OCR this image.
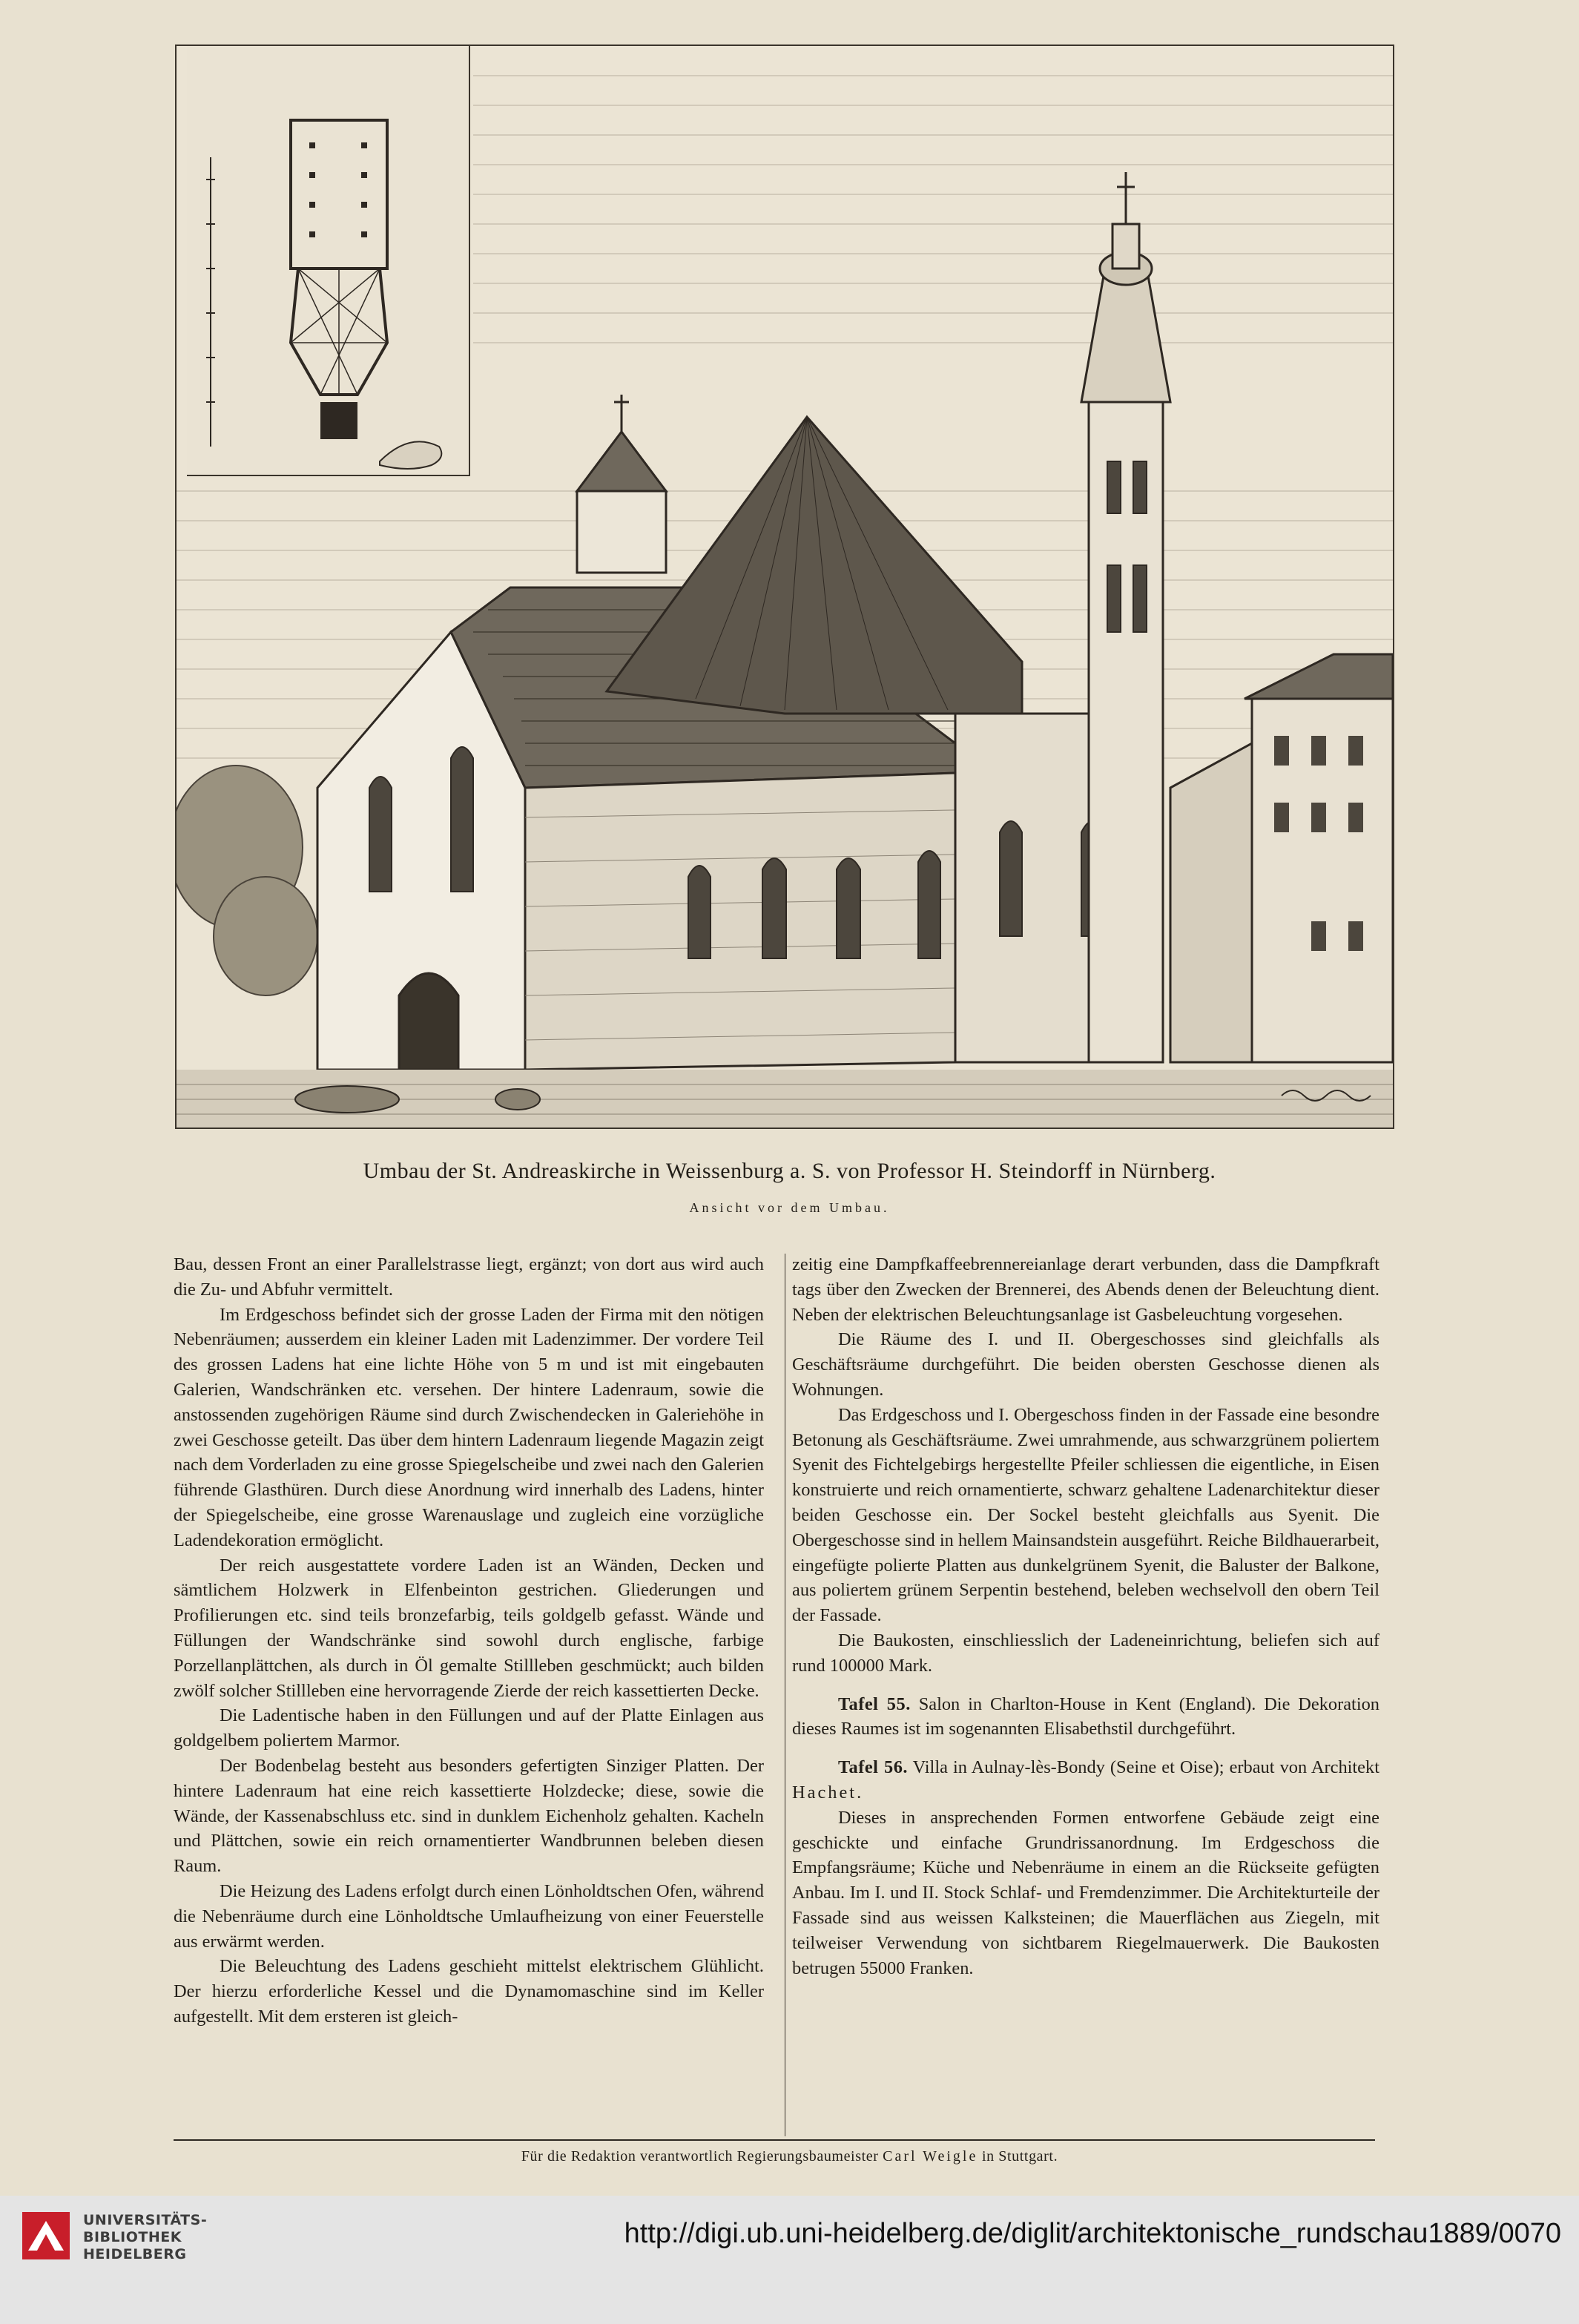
Umbau der St. Andreaskirche in Weissenburg a. S. von Professor H. Steindorff in Nürnberg.
Ansicht vor dem Umbau.

Bau, dessen Front an einer Parallelstrasse liegt, ergänzt; von dort aus wird auch die Zu- und Abfuhr vermittelt.

Im Erdgeschoss befindet sich der grosse Laden der Firma mit den nötigen Nebenräumen; ausserdem ein kleiner Laden mit Ladenzimmer. Der vordere Teil des grossen Ladens hat eine lichte Höhe von 5 m und ist mit eingebauten Galerien, Wandschränken etc. versehen. Der hintere Ladenraum, sowie die anstossenden zugehörigen Räume sind durch Zwischendecken in Galeriehöhe in zwei Geschosse geteilt. Das über dem hintern Ladenraum liegende Magazin zeigt nach dem Vorderladen zu eine grosse Spiegelscheibe und zwei nach den Galerien führende Glasthüren. Durch diese Anordnung wird innerhalb des Ladens, hinter der Spiegelscheibe, eine grosse Warenauslage und zugleich eine vorzügliche Ladendekoration ermöglicht.

Der reich ausgestattete vordere Laden ist an Wänden, Decken und sämtlichem Holzwerk in Elfenbeinton gestrichen. Gliederungen und Profilierungen etc. sind teils bronzefarbig, teils goldgelb gefasst. Wände und Füllungen der Wandschränke sind sowohl durch englische, farbige Porzellanplättchen, als durch in Öl gemalte Stillleben geschmückt; auch bilden zwölf solcher Stillleben eine hervorragende Zierde der reich kassettierten Decke.

Die Ladentische haben in den Füllungen und auf der Platte Einlagen aus goldgelbem poliertem Marmor.

Der Bodenbelag besteht aus besonders gefertigten Sinziger Platten. Der hintere Ladenraum hat eine reich kassettierte Holzdecke; diese, sowie die Wände, der Kassenabschluss etc. sind in dunklem Eichenholz gehalten. Kacheln und Plättchen, sowie ein reich ornamentierter Wandbrunnen beleben diesen Raum.

Die Heizung des Ladens erfolgt durch einen Lönholdtschen Ofen, während die Nebenräume durch eine Lönholdtsche Umlaufheizung von einer Feuerstelle aus erwärmt werden.

Die Beleuchtung des Ladens geschieht mittelst elektrischem Glühlicht. Der hierzu erforderliche Kessel und die Dynamomaschine sind im Keller aufgestellt. Mit dem ersteren ist gleich-

zeitig eine Dampfkaffeebrennereianlage derart verbunden, dass die Dampfkraft tags über den Zwecken der Brennerei, des Abends denen der Beleuchtung dient. Neben der elektrischen Beleuchtungsanlage ist Gasbeleuchtung vorgesehen.

Die Räume des I. und II. Obergeschosses sind gleichfalls als Geschäftsräume durchgeführt. Die beiden obersten Geschosse dienen als Wohnungen.

Das Erdgeschoss und I. Obergeschoss finden in der Fassade eine besondre Betonung als Geschäftsräume. Zwei umrahmende, aus schwarzgrünem poliertem Syenit des Fichtelgebirgs hergestellte Pfeiler schliessen die eigentliche, in Eisen konstruierte und reich ornamentierte, schwarz gehaltene Ladenarchitektur dieser beiden Geschosse ein. Der Sockel besteht gleichfalls aus Syenit. Die Obergeschosse sind in hellem Mainsandstein ausgeführt. Reiche Bildhauerarbeit, eingefügte polierte Platten aus dunkelgrünem Syenit, die Baluster der Balkone, aus poliertem grünem Serpentin bestehend, beleben wechselvoll den obern Teil der Fassade.

Die Baukosten, einschliesslich der Ladeneinrichtung, beliefen sich auf rund 100000 Mark.

Tafel 55. Salon in Charlton-House in Kent (England). Die Dekoration dieses Raumes ist im sogenannten Elisabethstil durchgeführt.

Tafel 56. Villa in Aulnay-lès-Bondy (Seine et Oise); erbaut von Architekt Hachet.

Dieses in ansprechenden Formen entworfene Gebäude zeigt eine geschickte und einfache Grundrissanordnung. Im Erdgeschoss die Empfangsräume; Küche und Nebenräume in einem an die Rückseite gefügten Anbau. Im I. und II. Stock Schlaf- und Fremdenzimmer. Die Architekturteile der Fassade sind aus weissen Kalksteinen; die Mauerflächen aus Ziegeln, mit teilweiser Verwendung von sichtbarem Riegelmauerwerk. Die Baukosten betrugen 55000 Franken.

Für die Redaktion verantwortlich Regierungsbaumeister Carl Weigle in Stuttgart.
UNIVERSITÄTS-
BIBLIOTHEK
HEIDELBERG
http://digi.ub.uni-heidelberg.de/diglit/architektonische_rundschau1889/0070
